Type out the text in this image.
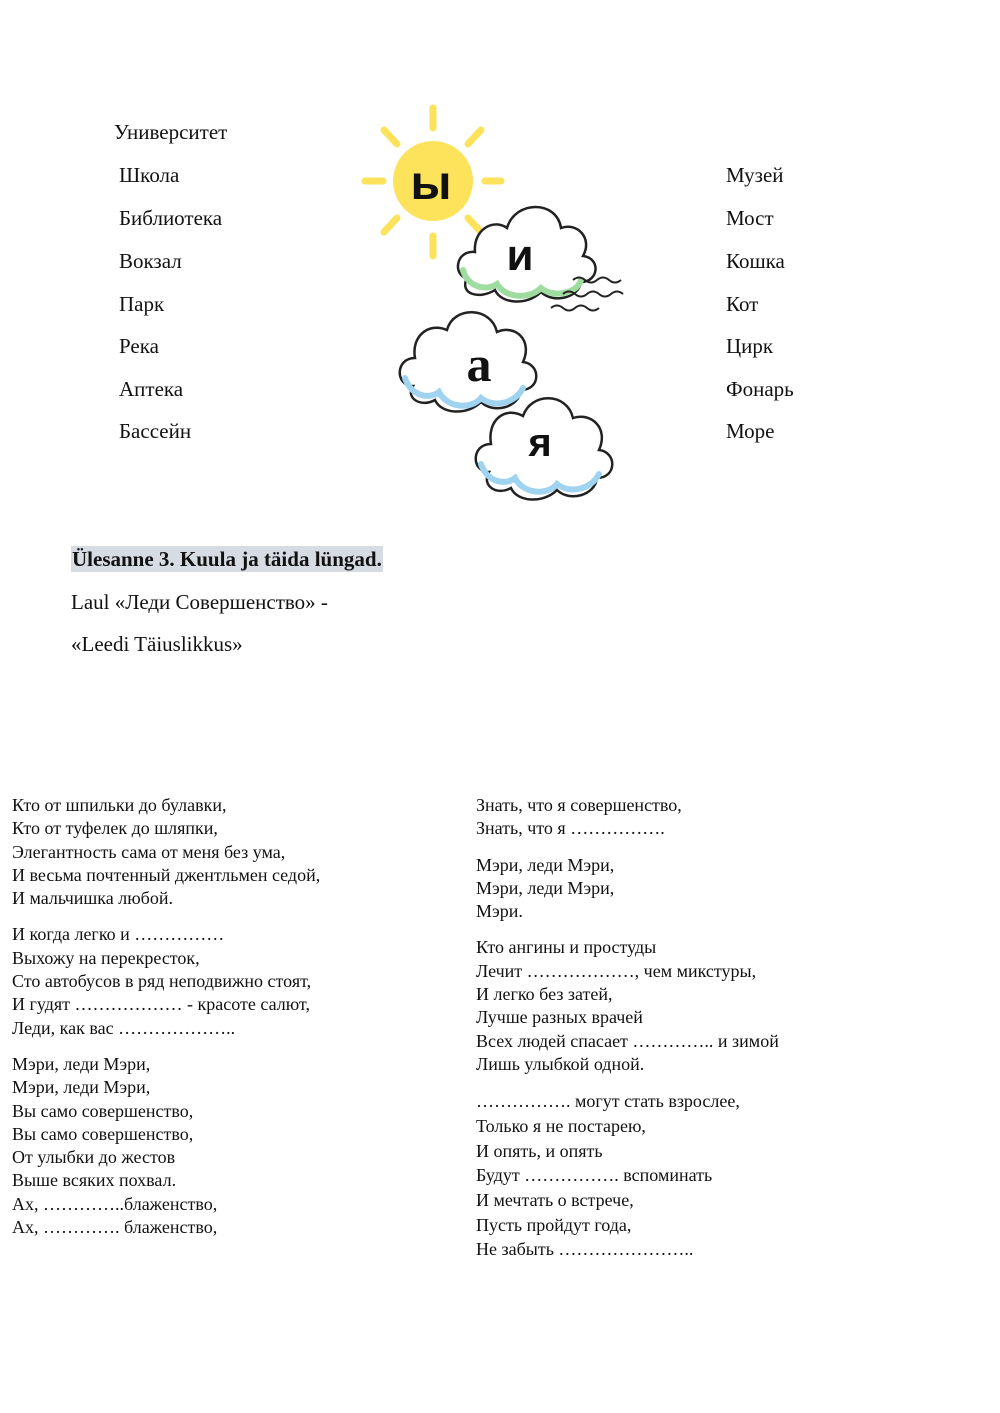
Университет
Школа
Библиотека
Вокзал
Парк
Река
Аптека
Бассейн
Музей
Мост
Кошка
Кот
Цирк
Фонарь
Море
ы
и
а
я
Ülesanne 3. Kuula ja täida lüngad.
Laul «Леди Совершенство» -
«Leedi Täiuslikkus»
Кто от шпильки до булавки,
Кто от туфелек до шляпки,
Элегантность сама от меня без ума,
И весьма почтенный джентльмен седой,
И мальчишка любой.
И когда легко и ……………
Выхожу на перекресток,
Сто автобусов в ряд неподвижно стоят,
И гудят ……………… - красоте салют,
Леди, как вас ………………..
Мэри, леди Мэри,
Мэри, леди Мэри,
Вы само совершенство,
Вы само совершенство,
От улыбки до жестов
Выше всяких похвал.
Ах, …………..блаженство,
Ах, …………. блаженство,
Знать, что я совершенство,
Знать, что я …………….
Мэри, леди Мэри,
Мэри, леди Мэри,
Мэри.
Кто ангины и простуды
Лечит ………………, чем микстуры,
И легко без затей,
Лучше разных врачей
Всех людей спасает ………….. и зимой
Лишь улыбкой одной.
……………. могут стать взрослее,
Только я не постарею,
И опять, и опять
Будут ……………. вспоминать
И мечтать о встрече,
Пусть пройдут года,
Не забыть …………………..
